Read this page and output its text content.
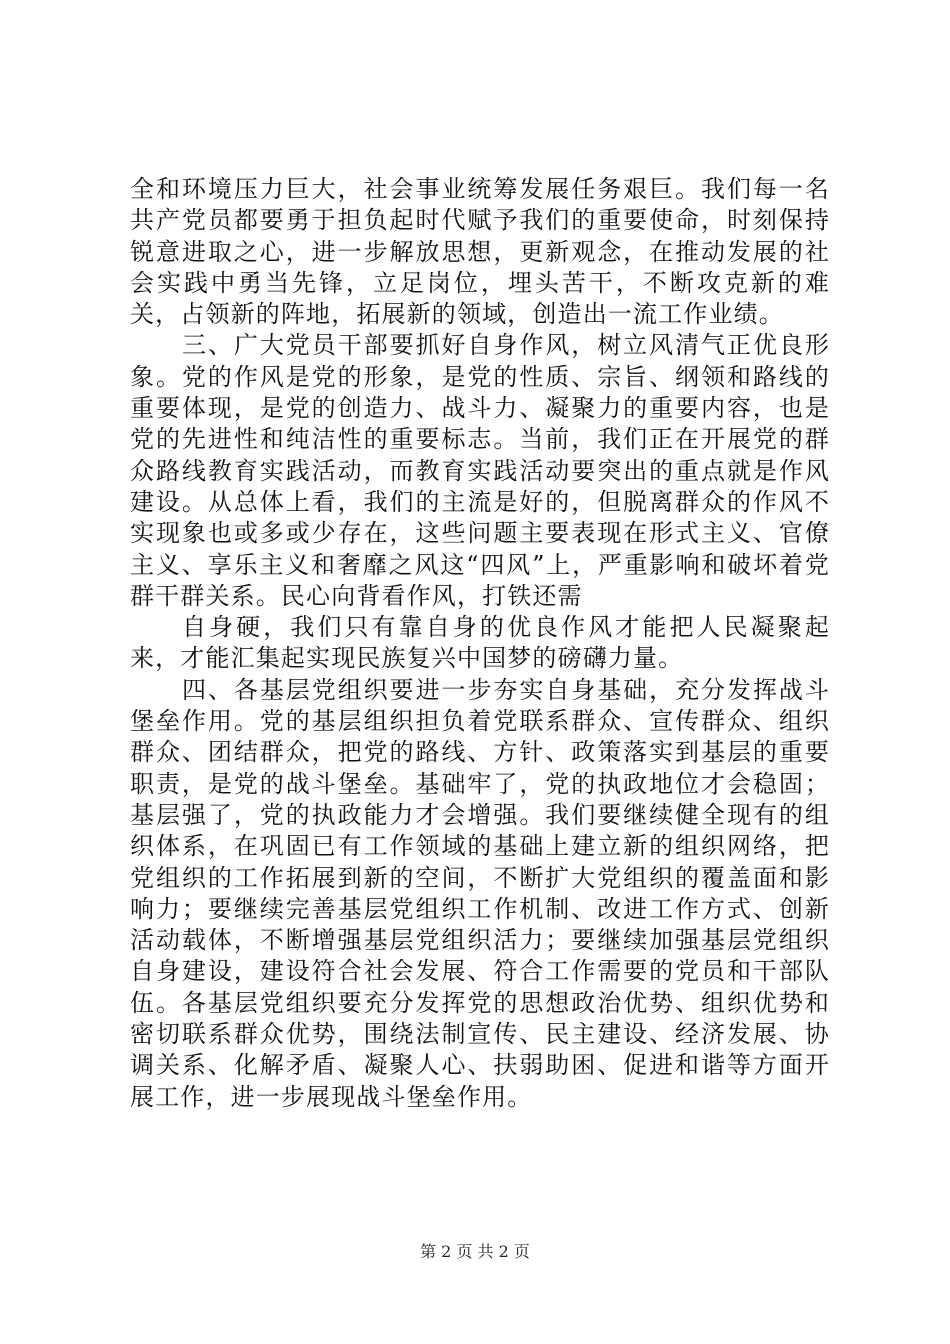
全和环境压力巨大，社会事业统筹发展任务艰巨。我们每一名共产党员都要勇于担负起时代赋予我们的重要使命，时刻保持锐意进取之心，进一步解放思想，更新观念，在推动发展的社会实践中勇当先锋，立足岗位，埋头苦干，不断攻克新的难关，占领新的阵地，拓展新的领域，创造出一流工作业绩。

三、广大党员干部要抓好自身作风，树立风清气正优良形象。党的作风是党的形象，是党的性质、宗旨、纲领和路线的重要体现，是党的创造力、战斗力、凝聚力的重要内容，也是党的先进性和纯洁性的重要标志。当前，我们正在开展党的群众路线教育实践活动，而教育实践活动要突出的重点就是作风建设。从总体上看，我们的主流是好的，但脱离群众的作风不实现象也或多或少存在，这些问题主要表现在形式主义、官僚主义、享乐主义和奢靡之风这“四风”上，严重影响和破坏着党群干群关系。民心向背看作风，打铁还需

自身硬，我们只有靠自身的优良作风才能把人民凝聚起来，才能汇集起实现民族复兴中国梦的磅礴力量。

四、各基层党组织要进一步夯实自身基础，充分发挥战斗堡垒作用。党的基层组织担负着党联系群众、宣传群众、组织群众、团结群众，把党的路线、方针、政策落实到基层的重要职责，是党的战斗堡垒。基础牢了，党的执政地位才会稳固；基层强了，党的执政能力才会增强。我们要继续健全现有的组织体系，在巩固已有工作领域的基础上建立新的组织网络，把党组织的工作拓展到新的空间，不断扩大党组织的覆盖面和影响力；要继续完善基层党组织工作机制、改进工作方式、创新活动载体，不断增强基层党组织活力；要继续加强基层党组织自身建设，建设符合社会发展、符合工作需要的党员和干部队伍。各基层党组织要充分发挥党的思想政治优势、组织优势和密切联系群众优势，围绕法制宣传、民主建设、经济发展、协调关系、化解矛盾、凝聚人心、扶弱助困、促进和谐等方面开展工作，进一步展现战斗堡垒作用。

第 2 页 共 2 页
